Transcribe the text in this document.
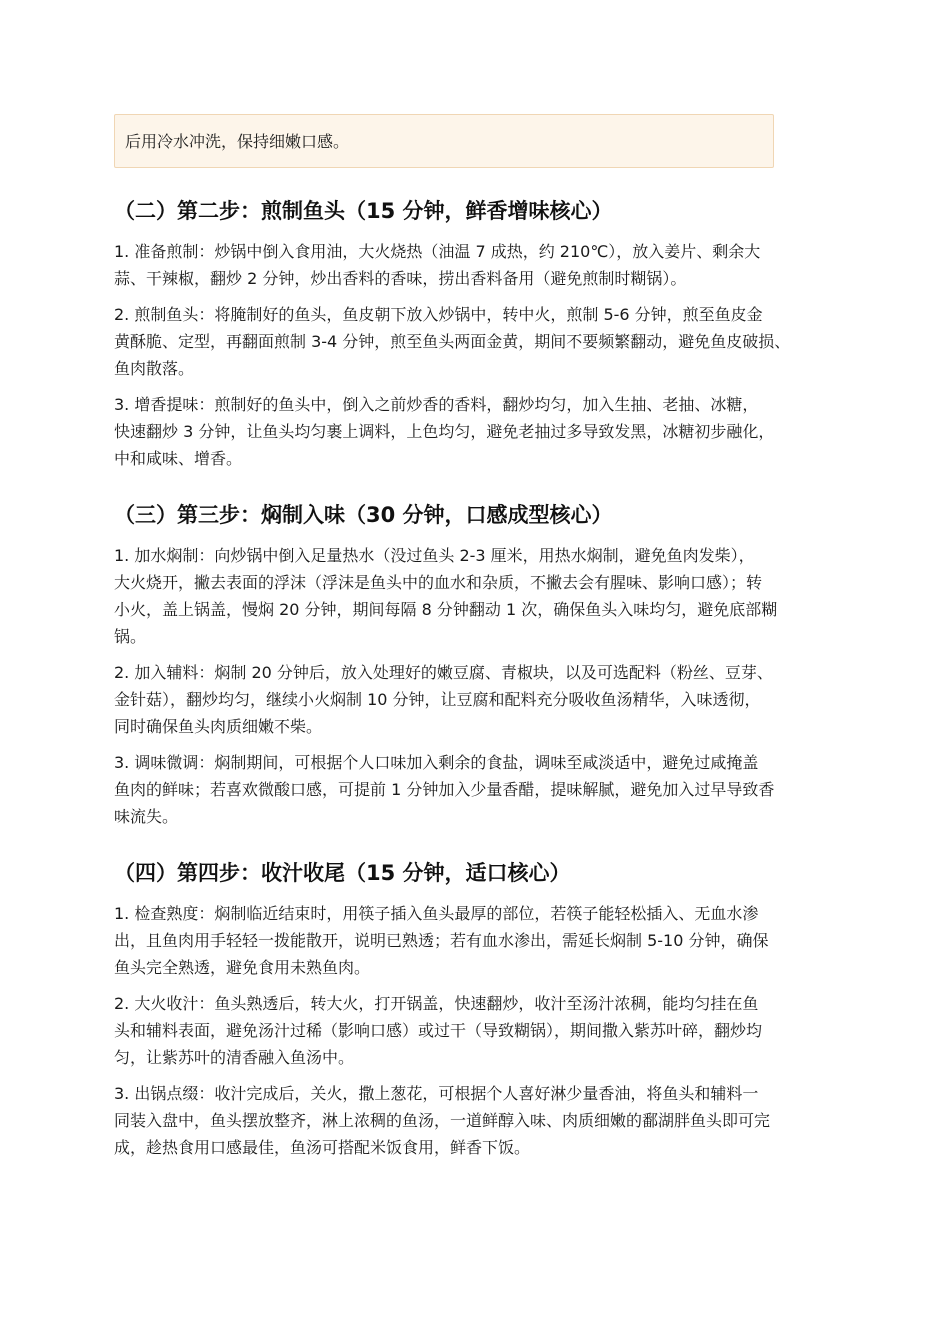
后用冷水冲洗，保持细嫩口感。
（二）第二步：煎制鱼头（15 分钟，鲜香增味核心）
1. 准备煎制：炒锅中倒入食用油，大火烧热（油温 7 成热，约 210℃），放入姜片、剩余大
蒜、干辣椒，翻炒 2 分钟，炒出香料的香味，捞出香料备用（避免煎制时糊锅）。
2. 煎制鱼头：将腌制好的鱼头，鱼皮朝下放入炒锅中，转中火，煎制 5-6 分钟，煎至鱼皮金
黄酥脆、定型，再翻面煎制 3-4 分钟，煎至鱼头两面金黄，期间不要频繁翻动，避免鱼皮破损、
鱼肉散落。
3. 增香提味：煎制好的鱼头中，倒入之前炒香的香料，翻炒均匀，加入生抽、老抽、冰糖，
快速翻炒 3 分钟，让鱼头均匀裹上调料，上色均匀，避免老抽过多导致发黑，冰糖初步融化，
中和咸味、增香。
（三）第三步：焖制入味（30 分钟，口感成型核心）
1. 加水焖制：向炒锅中倒入足量热水（没过鱼头 2-3 厘米，用热水焖制，避免鱼肉发柴），
大火烧开，撇去表面的浮沫（浮沫是鱼头中的血水和杂质，不撇去会有腥味、影响口感）；转
小火，盖上锅盖，慢焖 20 分钟，期间每隔 8 分钟翻动 1 次，确保鱼头入味均匀，避免底部糊
锅。
2. 加入辅料：焖制 20 分钟后，放入处理好的嫩豆腐、青椒块，以及可选配料（粉丝、豆芽、
金针菇），翻炒均匀，继续小火焖制 10 分钟，让豆腐和配料充分吸收鱼汤精华，入味透彻，
同时确保鱼头肉质细嫩不柴。
3. 调味微调：焖制期间，可根据个人口味加入剩余的食盐，调味至咸淡适中，避免过咸掩盖
鱼肉的鲜味；若喜欢微酸口感，可提前 1 分钟加入少量香醋，提味解腻，避免加入过早导致香
味流失。
（四）第四步：收汁收尾（15 分钟，适口核心）
1. 检查熟度：焖制临近结束时，用筷子插入鱼头最厚的部位，若筷子能轻松插入、无血水渗
出，且鱼肉用手轻轻一拨能散开，说明已熟透；若有血水渗出，需延长焖制 5-10 分钟，确保
鱼头完全熟透，避免食用未熟鱼肉。
2. 大火收汁：鱼头熟透后，转大火，打开锅盖，快速翻炒，收汁至汤汁浓稠，能均匀挂在鱼
头和辅料表面，避免汤汁过稀（影响口感）或过干（导致糊锅），期间撒入紫苏叶碎，翻炒均
匀，让紫苏叶的清香融入鱼汤中。
3. 出锅点缀：收汁完成后，关火，撒上葱花，可根据个人喜好淋少量香油，将鱼头和辅料一
同装入盘中，鱼头摆放整齐，淋上浓稠的鱼汤，一道鲜醇入味、肉质细嫩的鄱湖胖鱼头即可完
成，趁热食用口感最佳，鱼汤可搭配米饭食用，鲜香下饭。
